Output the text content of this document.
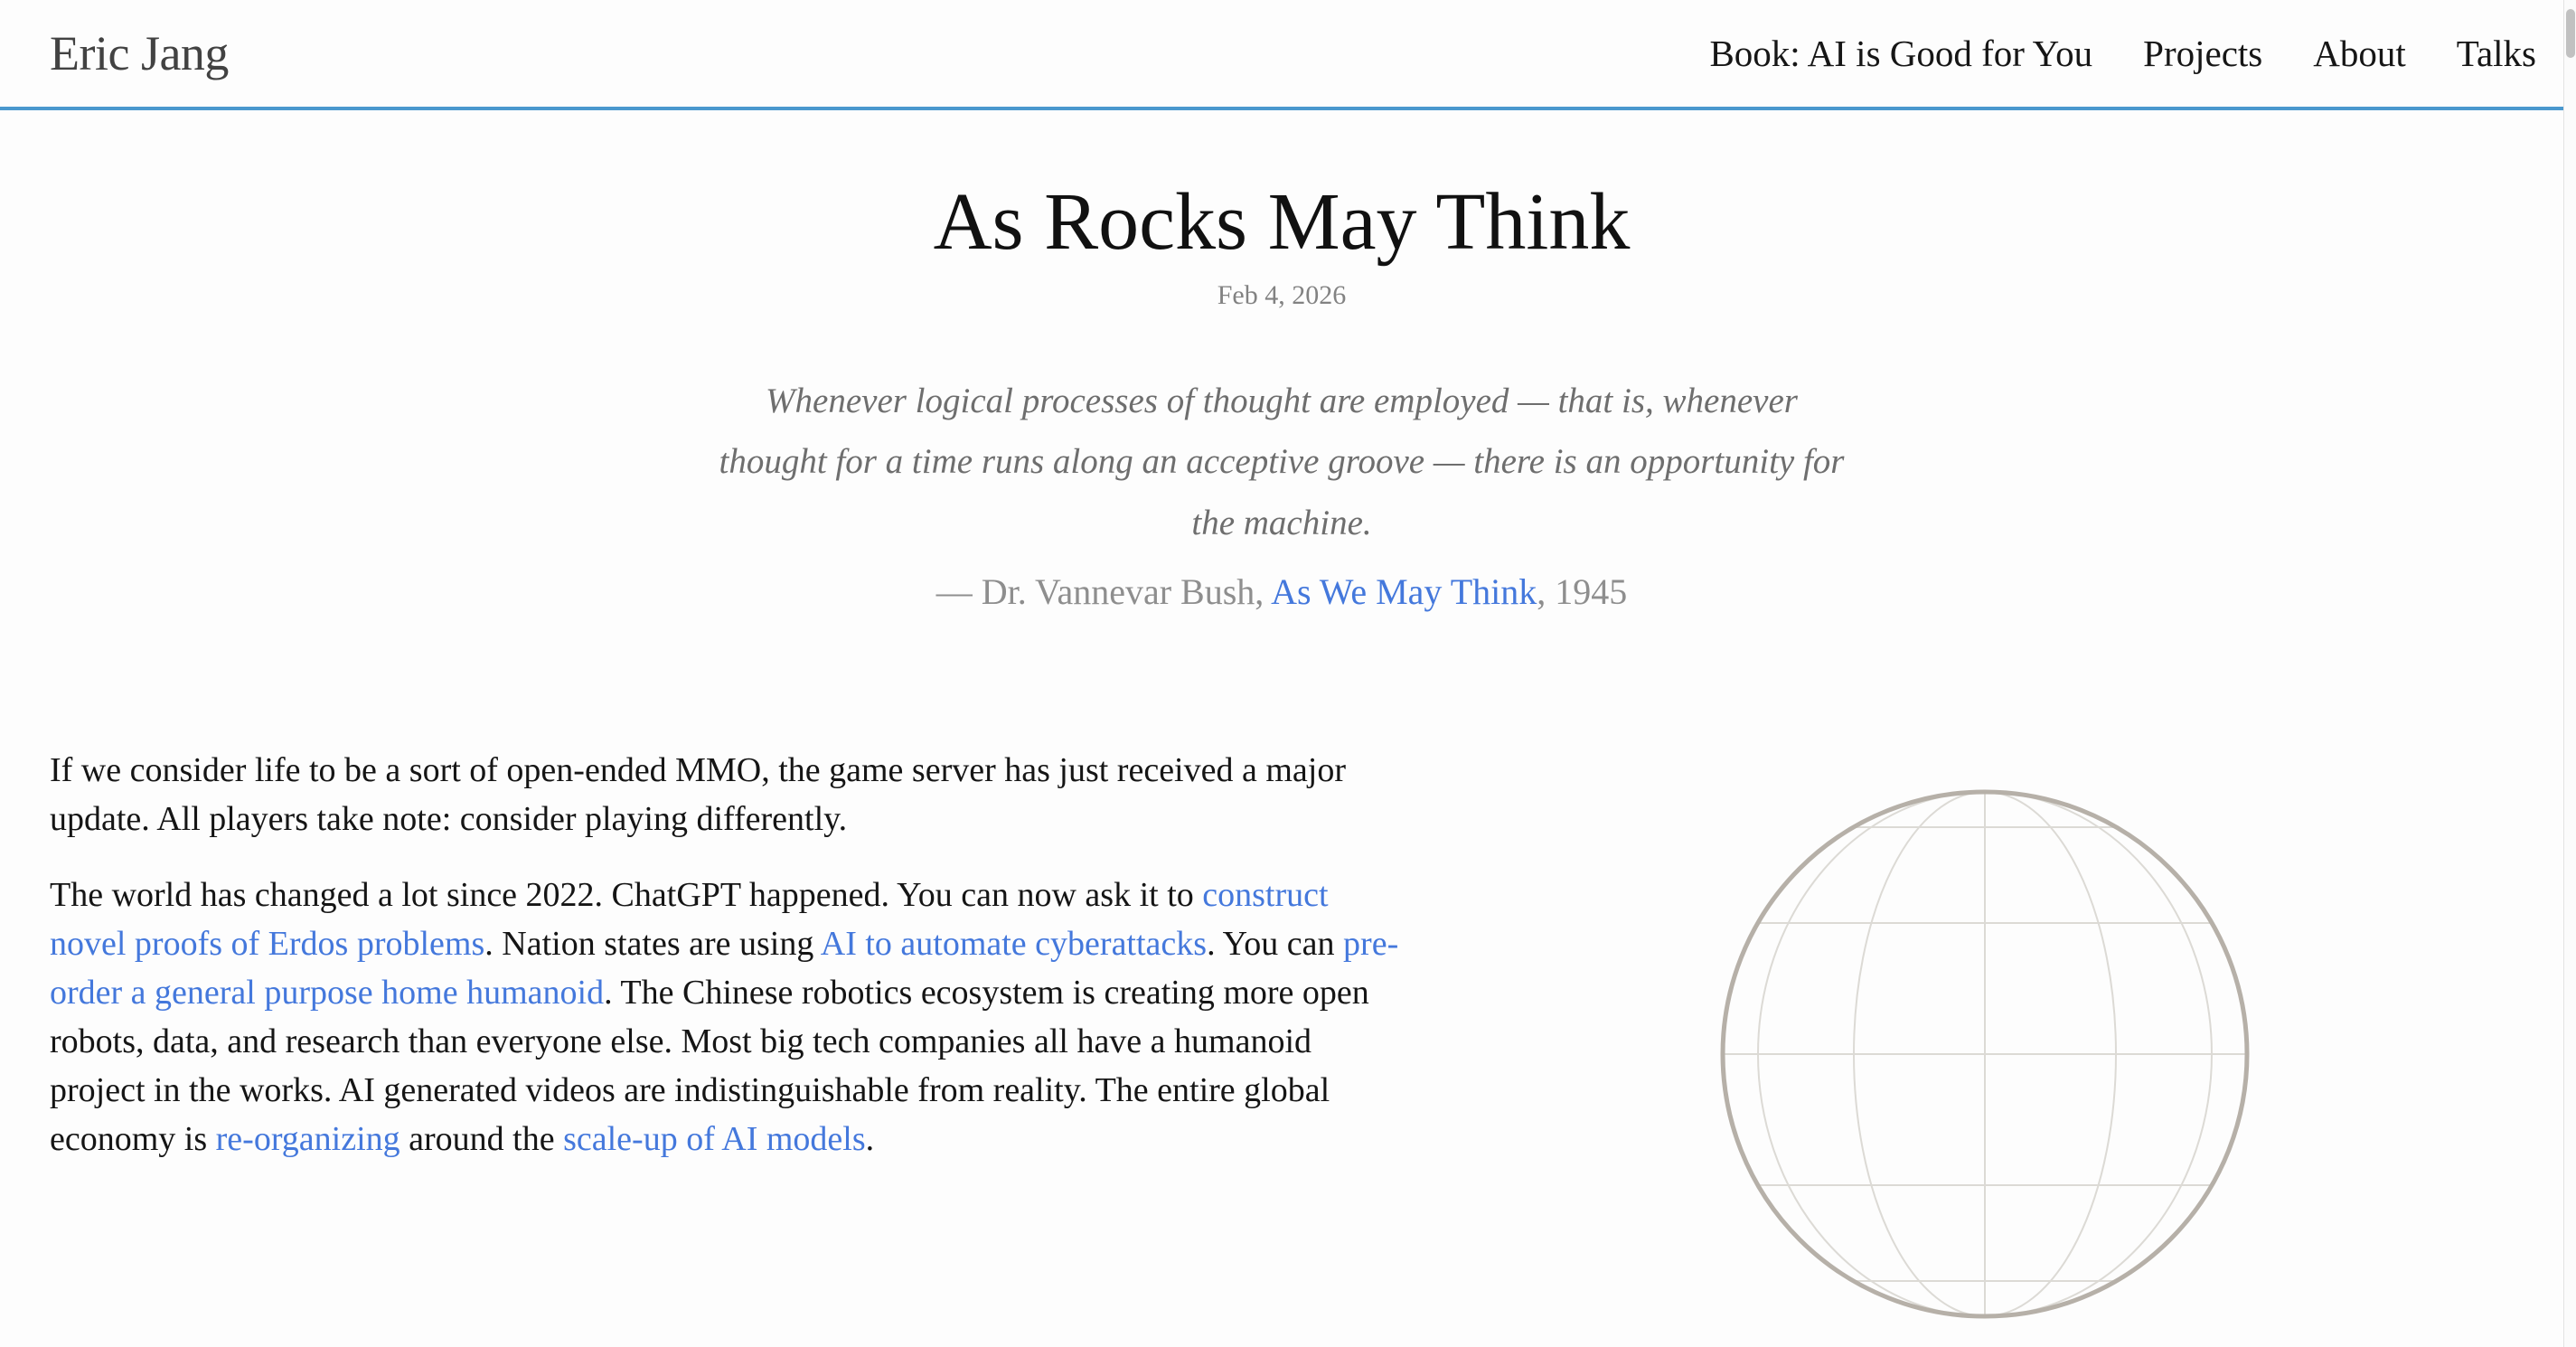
Eric Jang	Book: AI is Good for You Projects About Talks
As Rocks May Think
Feb 4, 2026
Whenever logical processes of thought are employed — that is, whenever thought for a time runs along an acceptive groove — there is an opportunity for the machine.
— Dr. Vannevar Bush, As We May Think, 1945

If we consider life to be a sort of open-ended MMO, the game server has just received a major update. All players take note: consider playing differently.

The world has changed a lot since 2022. ChatGPT happened. You can now ask it to construct novel proofs of Erdos problems. Nation states are using AI to automate cyberattacks. You can pre-order a general purpose home humanoid. The Chinese robotics ecosystem is creating more open robots, data, and research than everyone else. Most big tech companies all have a humanoid project in the works. AI generated videos are indistinguishable from reality. The entire global economy is re-organizing around the scale-up of AI models.
